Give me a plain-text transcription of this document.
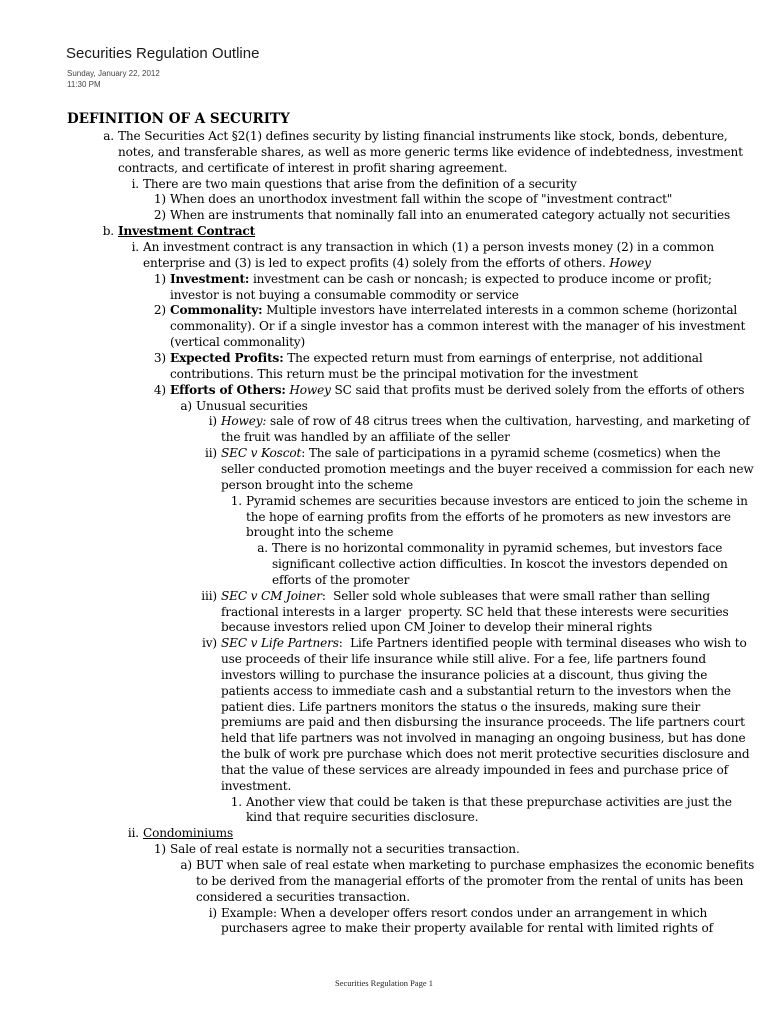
Securities Regulation Outline
Sunday, January 22, 2012
11:30 PM
DEFINITION OF A SECURITY
a. The Securities Act §2(1) defines security by listing financial instruments like stock, bonds, debenture,
notes, and transferable shares, as well as more generic terms like evidence of indebtedness, investment
contracts, and certificate of interest in profit sharing agreement.
i. There are two main questions that arise from the definition of a security
1) When does an unorthodox investment fall within the scope of "investment contract"
2) When are instruments that nominally fall into an enumerated category actually not securities
b. Investment Contract
i. An investment contract is any transaction in which (1) a person invests money (2) in a common
enterprise and (3) is led to expect profits (4) solely from the efforts of others. Howey
1) Investment: investment can be cash or noncash; is expected to produce income or profit;
investor is not buying a consumable commodity or service
2) Commonality: Multiple investors have interrelated interests in a common scheme (horizontal
commonality). Or if a single investor has a common interest with the manager of his investment
(vertical commonality)
3) Expected Profits: The expected return must from earnings of enterprise, not additional
contributions. This return must be the principal motivation for the investment
4) Efforts of Others: Howey SC said that profits must be derived solely from the efforts of others
a) Unusual securities
i) Howey: sale of row of 48 citrus trees when the cultivation, harvesting, and marketing of
the fruit was handled by an affiliate of the seller
ii) SEC v Koscot: The sale of participations in a pyramid scheme (cosmetics) when the
seller conducted promotion meetings and the buyer received a commission for each new
person brought into the scheme
1. Pyramid schemes are securities because investors are enticed to join the scheme in
the hope of earning profits from the efforts of he promoters as new investors are
brought into the scheme
a. There is no horizontal commonality in pyramid schemes, but investors face
significant collective action difficulties. In koscot the investors depended on
efforts of the promoter
iii) SEC v CM Joiner:  Seller sold whole subleases that were small rather than selling
fractional interests in a larger  property. SC held that these interests were securities
because investors relied upon CM Joiner to develop their mineral rights
iv) SEC v Life Partners:  Life Partners identified people with terminal diseases who wish to
use proceeds of their life insurance while still alive. For a fee, life partners found
investors willing to purchase the insurance policies at a discount, thus giving the
patients access to immediate cash and a substantial return to the investors when the
patient dies. Life partners monitors the status o the insureds, making sure their
premiums are paid and then disbursing the insurance proceeds. The life partners court
held that life partners was not involved in managing an ongoing business, but has done
the bulk of work pre purchase which does not merit protective securities disclosure and
that the value of these services are already impounded in fees and purchase price of
investment.
1. Another view that could be taken is that these prepurchase activities are just the
kind that require securities disclosure.
ii. Condominiums
1) Sale of real estate is normally not a securities transaction.
a) BUT when sale of real estate when marketing to purchase emphasizes the economic benefits
to be derived from the managerial efforts of the promoter from the rental of units has been
considered a securities transaction.
i) Example: When a developer offers resort condos under an arrangement in which
purchasers agree to make their property available for rental with limited rights of
Securities Regulation Page 1
